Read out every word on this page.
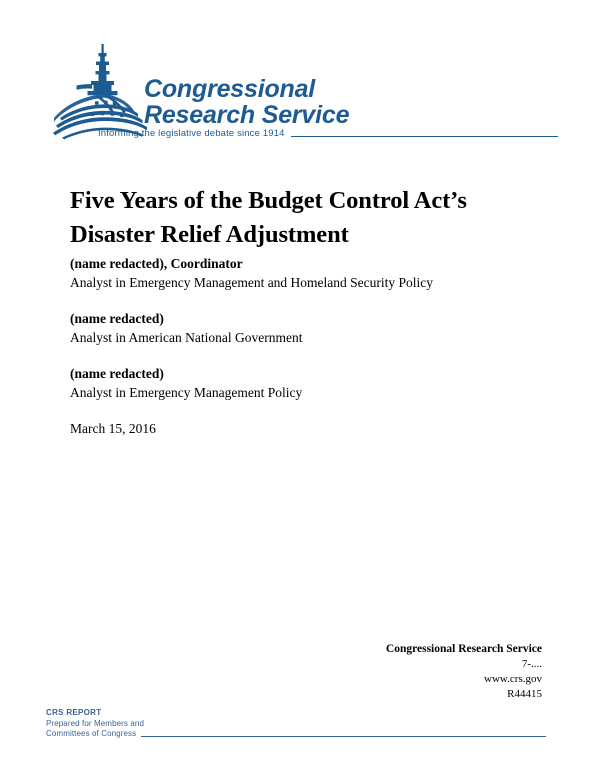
Congressional
Research Service
Informing the legislative debate since 1914
Five Years of the Budget Control Act’s Disaster Relief Adjustment
(name redacted), Coordinator
Analyst in Emergency Management and Homeland Security Policy
(name redacted)
Analyst in American National Government
(name redacted)
Analyst in Emergency Management Policy
March 15, 2016
Congressional Research Service
7-....
www.crs.gov
R44415
CRS REPORT
Prepared for Members and
Committees of Congress
